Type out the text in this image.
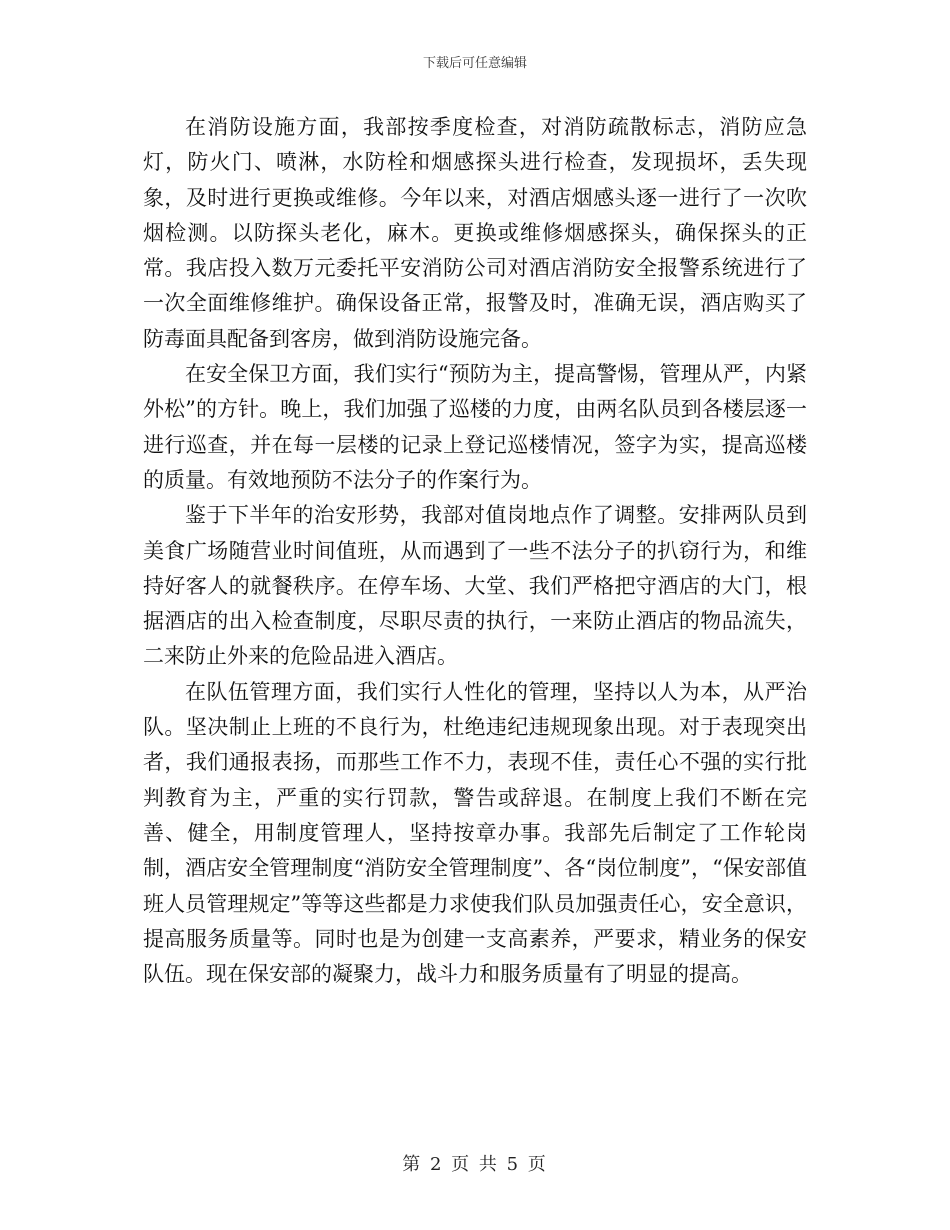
下载后可任意编辑

在消防设施方面，我部按季度检查，对消防疏散标志，消防应急灯，防火门、喷淋，水防栓和烟感探头进行检查，发现损坏，丢失现象，及时进行更换或维修。今年以来，对酒店烟感头逐一进行了一次吹烟检测。以防探头老化，麻木。更换或维修烟感探头，确保探头的正常。我店投入数万元委托平安消防公司对酒店消防安全报警系统进行了一次全面维修维护。确保设备正常，报警及时，准确无误，酒店购买了防毒面具配备到客房，做到消防设施完备。

在安全保卫方面，我们实行“预防为主，提高警惕，管理从严，内紧外松”的方针。晚上，我们加强了巡楼的力度，由两名队员到各楼层逐一进行巡查，并在每一层楼的记录上登记巡楼情况，签字为实，提高巡楼的质量。有效地预防不法分子的作案行为。

鉴于下半年的治安形势，我部对值岗地点作了调整。安排两队员到美食广场随营业时间值班，从而遇到了一些不法分子的扒窃行为，和维持好客人的就餐秩序。在停车场、大堂、我们严格把守酒店的大门，根据酒店的出入检查制度，尽职尽责的执行，一来防止酒店的物品流失，二来防止外来的危险品进入酒店。

在队伍管理方面，我们实行人性化的管理，坚持以人为本，从严治队。坚决制止上班的不良行为，杜绝违纪违规现象出现。对于表现突出者，我们通报表扬，而那些工作不力，表现不佳，责任心不强的实行批判教育为主，严重的实行罚款，警告或辞退。在制度上我们不断在完善、健全，用制度管理人，坚持按章办事。我部先后制定了工作轮岗制，酒店安全管理制度“消防安全管理制度”、各“岗位制度”，“保安部值班人员管理规定”等等这些都是力求使我们队员加强责任心，安全意识，提高服务质量等。同时也是为创建一支高素养，严要求，精业务的保安队伍。现在保安部的凝聚力，战斗力和服务质量有了明显的提高。

第 2 页 共 5 页
